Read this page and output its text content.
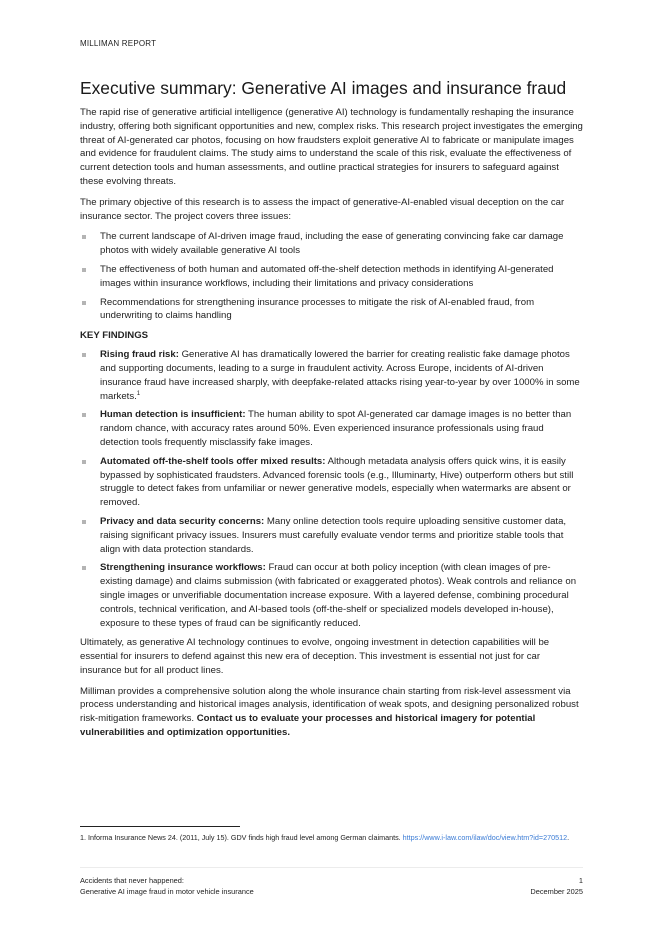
MILLIMAN REPORT
Executive summary: Generative AI images and insurance fraud

The rapid rise of generative artificial intelligence (generative AI) technology is fundamentally reshaping the insurance industry, offering both significant opportunities and new, complex risks. This research project investigates the emerging threat of AI-generated car photos, focusing on how fraudsters exploit generative AI to fabricate or manipulate images and evidence for fraudulent claims. The study aims to understand the scale of this risk, evaluate the effectiveness of current detection tools and human assessments, and outline practical strategies for insurers to safeguard against these evolving threats.

The primary objective of this research is to assess the impact of generative-AI-enabled visual deception on the car insurance sector. The project covers three issues:

The current landscape of AI-driven image fraud, including the ease of generating convincing fake car damage photos with widely available generative AI tools
The effectiveness of both human and automated off-the-shelf detection methods in identifying AI-generated images within insurance workflows, including their limitations and privacy considerations
Recommendations for strengthening insurance processes to mitigate the risk of AI-enabled fraud, from underwriting to claims handling
KEY FINDINGS
Rising fraud risk: Generative AI has dramatically lowered the barrier for creating realistic fake damage photos and supporting documents, leading to a surge in fraudulent activity. Across Europe, incidents of AI-driven insurance fraud have increased sharply, with deepfake-related attacks rising year-to-year by over 1000% in some markets.$^1$
Human detection is insufficient: The human ability to spot AI-generated car damage images is no better than random chance, with accuracy rates around 50%. Even experienced insurance professionals using fraud detection tools frequently misclassify fake images.
Automated off-the-shelf tools offer mixed results: Although metadata analysis offers quick wins, it is easily bypassed by sophisticated fraudsters. Advanced forensic tools (e.g., Illuminarty, Hive) outperform others but still struggle to detect fakes from unfamiliar or newer generative models, especially when watermarks are absent or removed.
Privacy and data security concerns: Many online detection tools require uploading sensitive customer data, raising significant privacy issues. Insurers must carefully evaluate vendor terms and prioritize stable tools that align with data protection standards.
Strengthening insurance workflows: Fraud can occur at both policy inception (with clean images of pre-existing damage) and claims submission (with fabricated or exaggerated photos). Weak controls and reliance on single images or unverifiable documentation increase exposure. With a layered defense, combining procedural controls, technical verification, and AI-based tools (off-the-shelf or specialized models developed in-house), exposure to these types of fraud can be significantly reduced.

Ultimately, as generative AI technology continues to evolve, ongoing investment in detection capabilities will be essential for insurers to defend against this new era of deception. This investment is essential not just for car insurance but for all product lines.

Milliman provides a comprehensive solution along the whole insurance chain starting from risk-level assessment via process understanding and historical images analysis, identification of weak spots, and designing personalized robust risk-mitigation frameworks. Contact us to evaluate your processes and historical imagery for potential vulnerabilities and optimization opportunities.

1. Informa Insurance News 24. (2011, July 15). GDV finds high fraud level among German claimants. https://www.i-law.com/ilaw/doc/view.htm?id=270512.
Accidents that never happened:
Generative AI image fraud in motor vehicle insurance
1
December 2025
